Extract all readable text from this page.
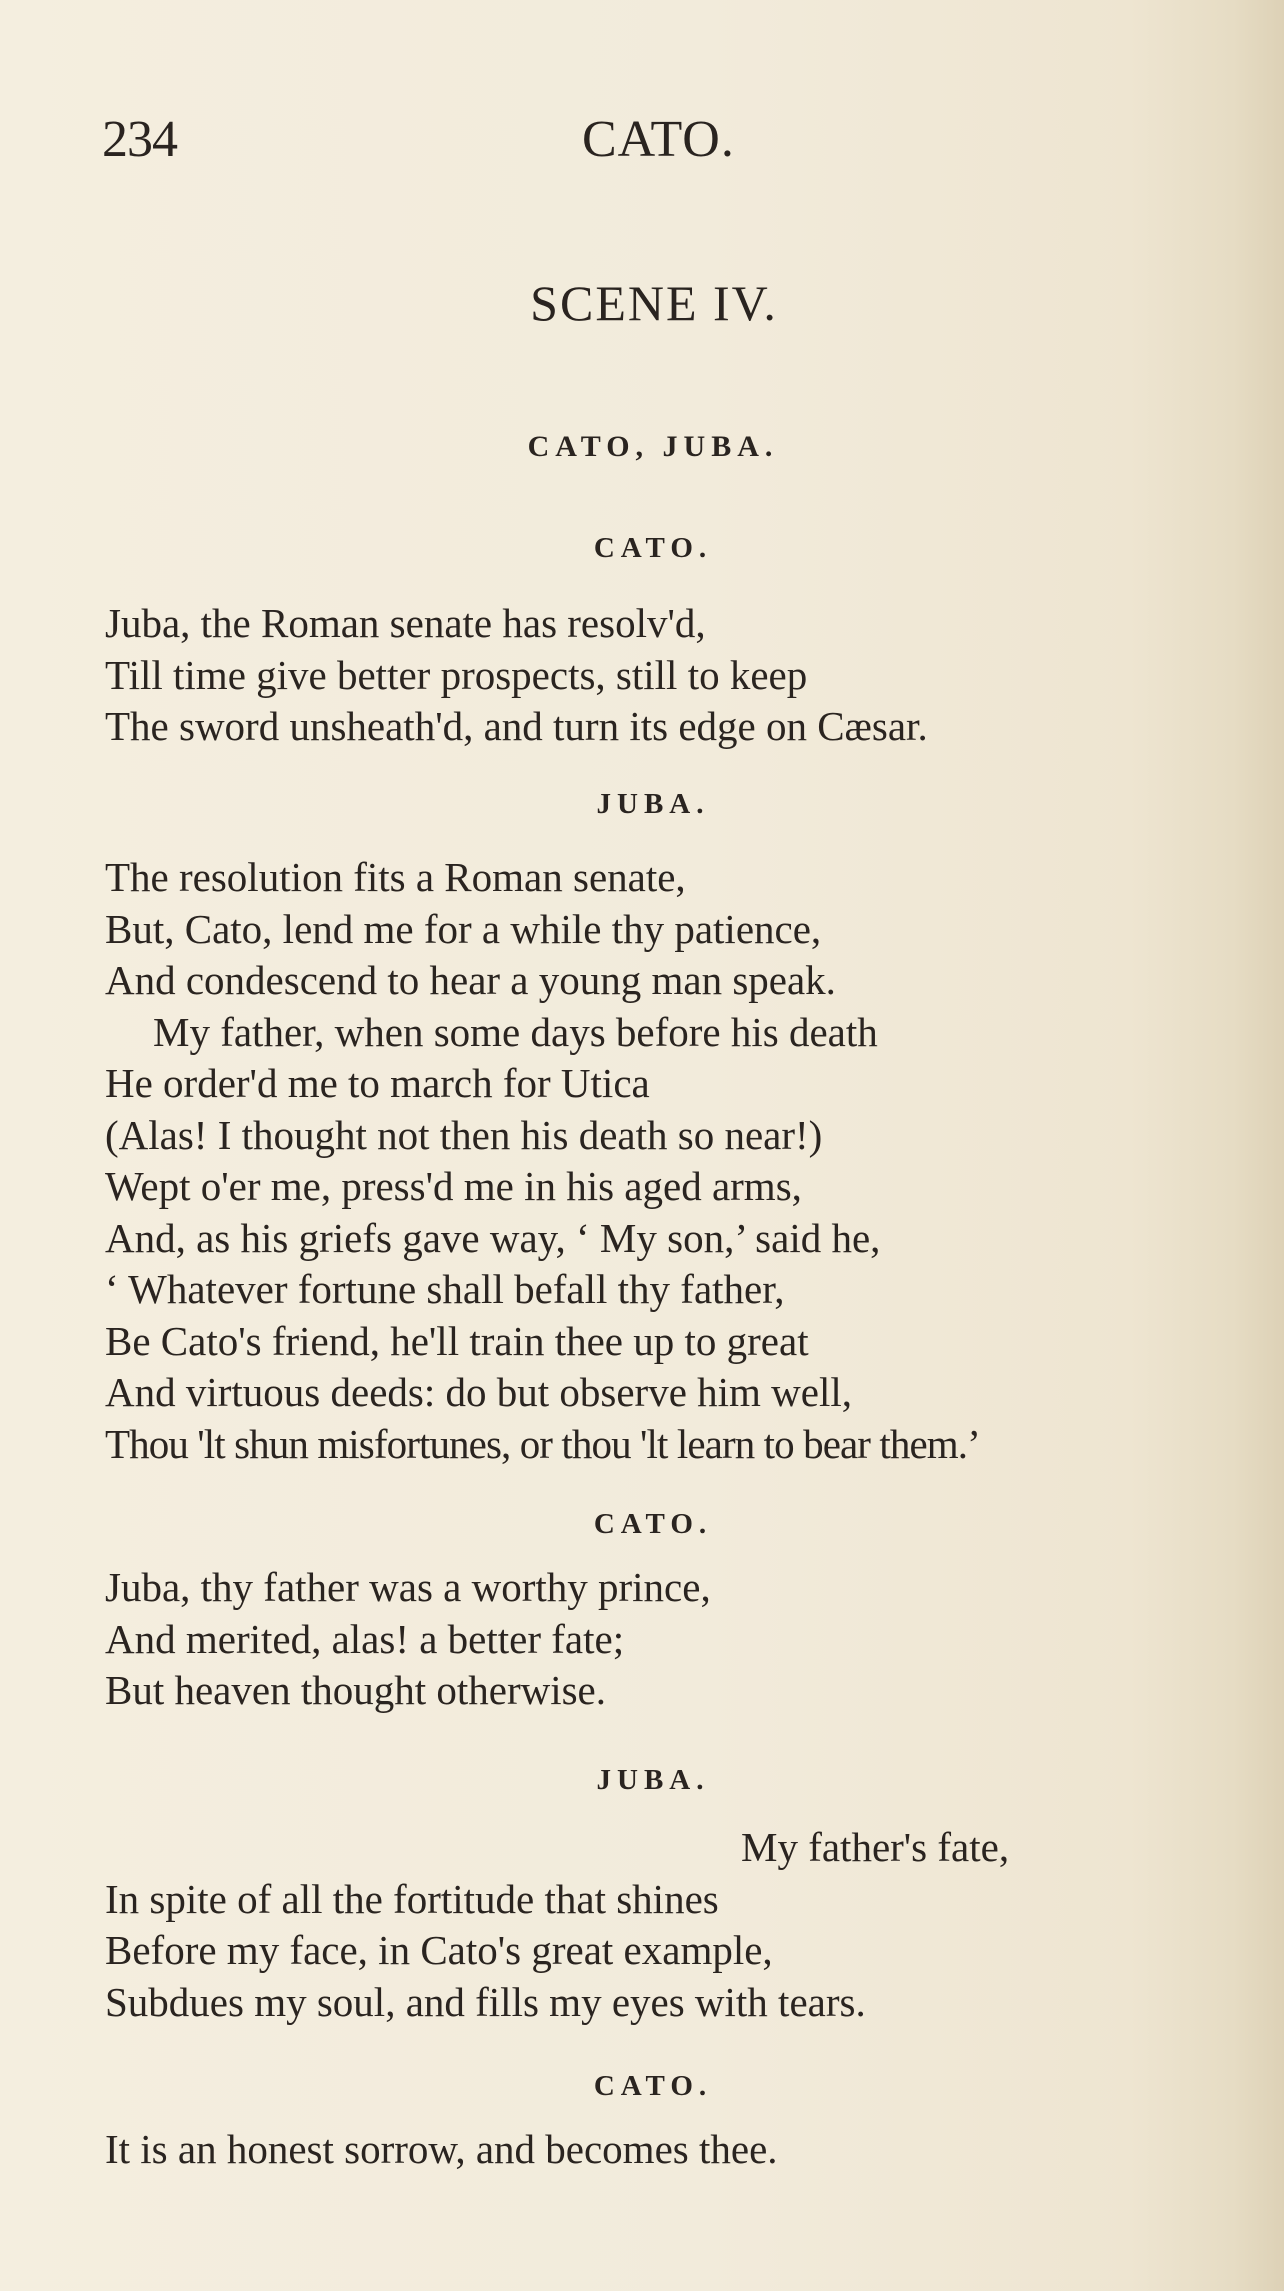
234	CATO.
SCENE IV.
CATO, JUBA.
CATO.
Juba, the Roman senate has resolv'd,
Till time give better prospects, still to keep
The sword unsheath'd, and turn its edge on Cæsar.
JUBA.
The resolution fits a Roman senate,
But, Cato, lend me for a while thy patience,
And condescend to hear a young man speak.
My father, when some days before his death
He order'd me to march for Utica
(Alas! I thought not then his death so near!)
Wept o'er me, press'd me in his aged arms,
And, as his griefs gave way, ‘ My son,’ said he,
‘ Whatever fortune shall befall thy father,
Be Cato's friend, he'll train thee up to great
And virtuous deeds: do but observe him well,
Thou 'lt shun misfortunes, or thou 'lt learn to bear them.’
CATO.
Juba, thy father was a worthy prince,
And merited, alas! a better fate;
But heaven thought otherwise.
JUBA.
My father's fate,
In spite of all the fortitude that shines
Before my face, in Cato's great example,
Subdues my soul, and fills my eyes with tears.
CATO.
It is an honest sorrow, and becomes thee.
